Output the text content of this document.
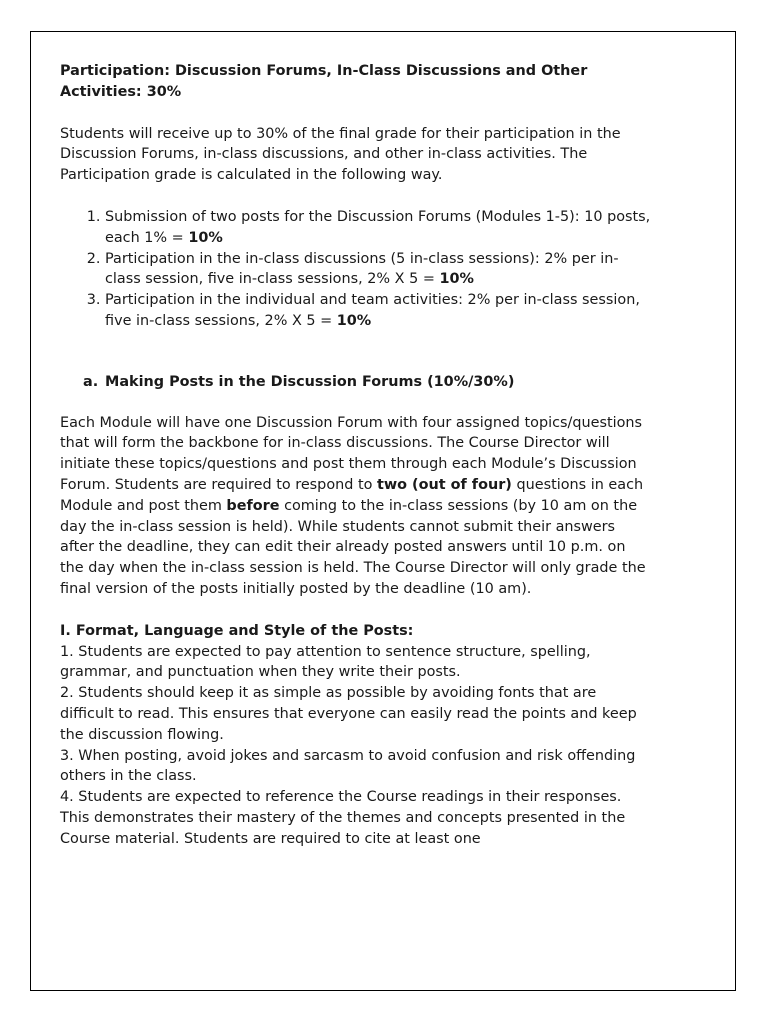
Participation: Discussion Forums, In-Class Discussions and Other Activities: 30%

Students will receive up to 30% of the final grade for their participation in the Discussion Forums, in-class discussions, and other in-class activities. The Participation grade is calculated in the following way.

1. Submission of two posts for the Discussion Forums (Modules 1-5): 10 posts, each 1% = 10%
2. Participation in the in-class discussions (5 in-class sessions): 2% per in-class session, five in-class sessions, 2% X 5 = 10%
3. Participation in the individual and team activities: 2% per in-class session, five in-class sessions, 2% X 5 = 10%
a. Making Posts in the Discussion Forums (10%/30%)

Each Module will have one Discussion Forum with four assigned topics/questions that will form the backbone for in-class discussions. The Course Director will initiate these topics/questions and post them through each Module’s Discussion Forum. Students are required to respond to two (out of four) questions in each Module and post them before coming to the in-class sessions (by 10 am on the day the in-class session is held). While students cannot submit their answers after the deadline, they can edit their already posted answers until 10 p.m. on the day when the in-class session is held. The Course Director will only grade the final version of the posts initially posted by the deadline (10 am).

I. Format, Language and Style of the Posts:

1. Students are expected to pay attention to sentence structure, spelling, grammar, and punctuation when they write their posts.

2. Students should keep it as simple as possible by avoiding fonts that are difficult to read. This ensures that everyone can easily read the points and keep the discussion flowing.

3. When posting, avoid jokes and sarcasm to avoid confusion and risk offending others in the class.

4. Students are expected to reference the Course readings in their responses. This demonstrates their mastery of the themes and concepts presented in the Course material. Students are required to cite at least one
